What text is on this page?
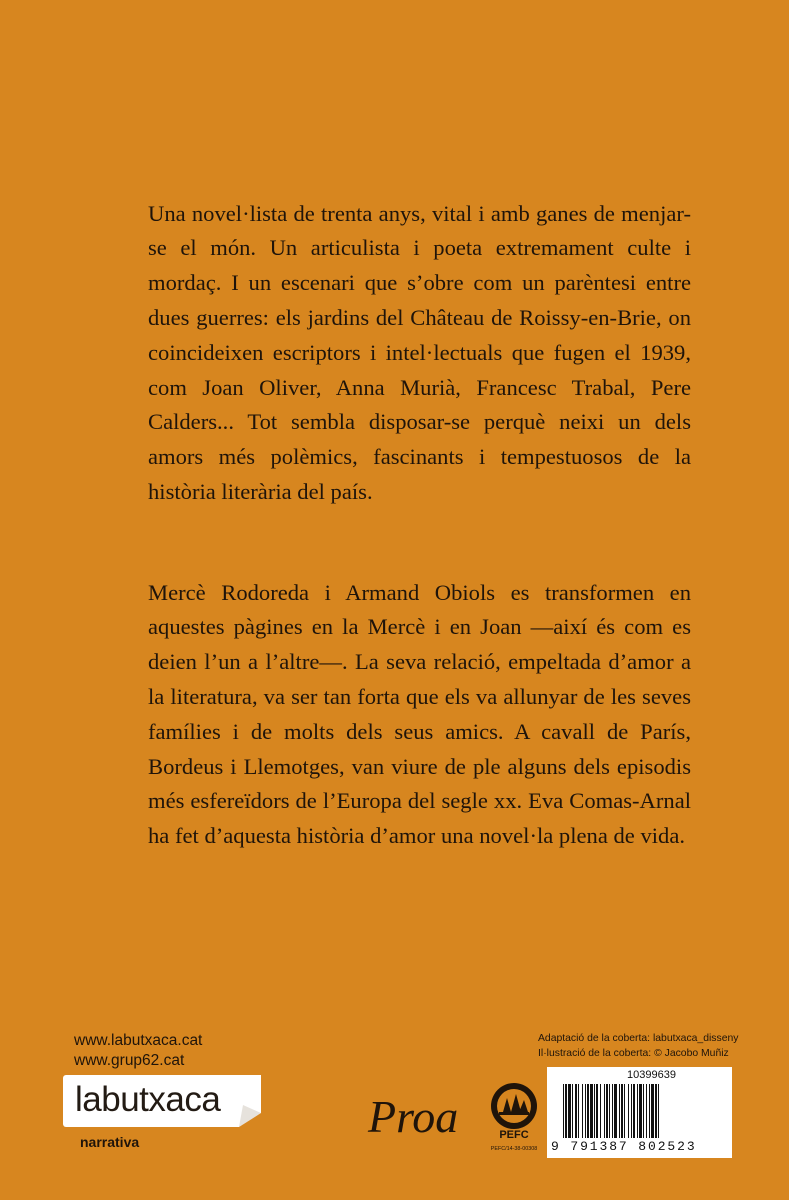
Una novel·lista de trenta anys, vital i amb ganes de menjar-se el món. Un articulista i poeta extremament culte i mordaç. I un escenari que s’obre com un parèntesi entre dues guerres: els jardins del Château de Roissy-en-Brie, on coincideixen escriptors i intel·lectuals que fugen el 1939, com Joan Oliver, Anna Murià, Francesc Trabal, Pere Calders... Tot sembla disposar-se perquè neixi un dels amors més polèmics, fascinants i tempestuosos de la història literària del país.

Mercè Rodoreda i Armand Obiols es transformen en aquestes pàgines en la Mercè i en Joan —així és com es deien l’un a l’altre—. La seva relació, empeltada d’amor a la literatura, va ser tan forta que els va allunyar de les seves famílies i de molts dels seus amics. A cavall de París, Bordeus i Llemotges, van viure de ple alguns dels episodis més esfereïdors de l’Europa del segle xx. Eva Comas-Arnal ha fet d’aquesta història d’amor una novel·la plena de vida.

www.labutxaca.cat
www.grup62.cat
labutxaca
narrativa	Proa	PEFC
PEFC/14-38-00308
Adaptació de la coberta: labutxaca_disseny
Il·lustració de la coberta: © Jacobo Muñiz
10399639
9 791387 802523
